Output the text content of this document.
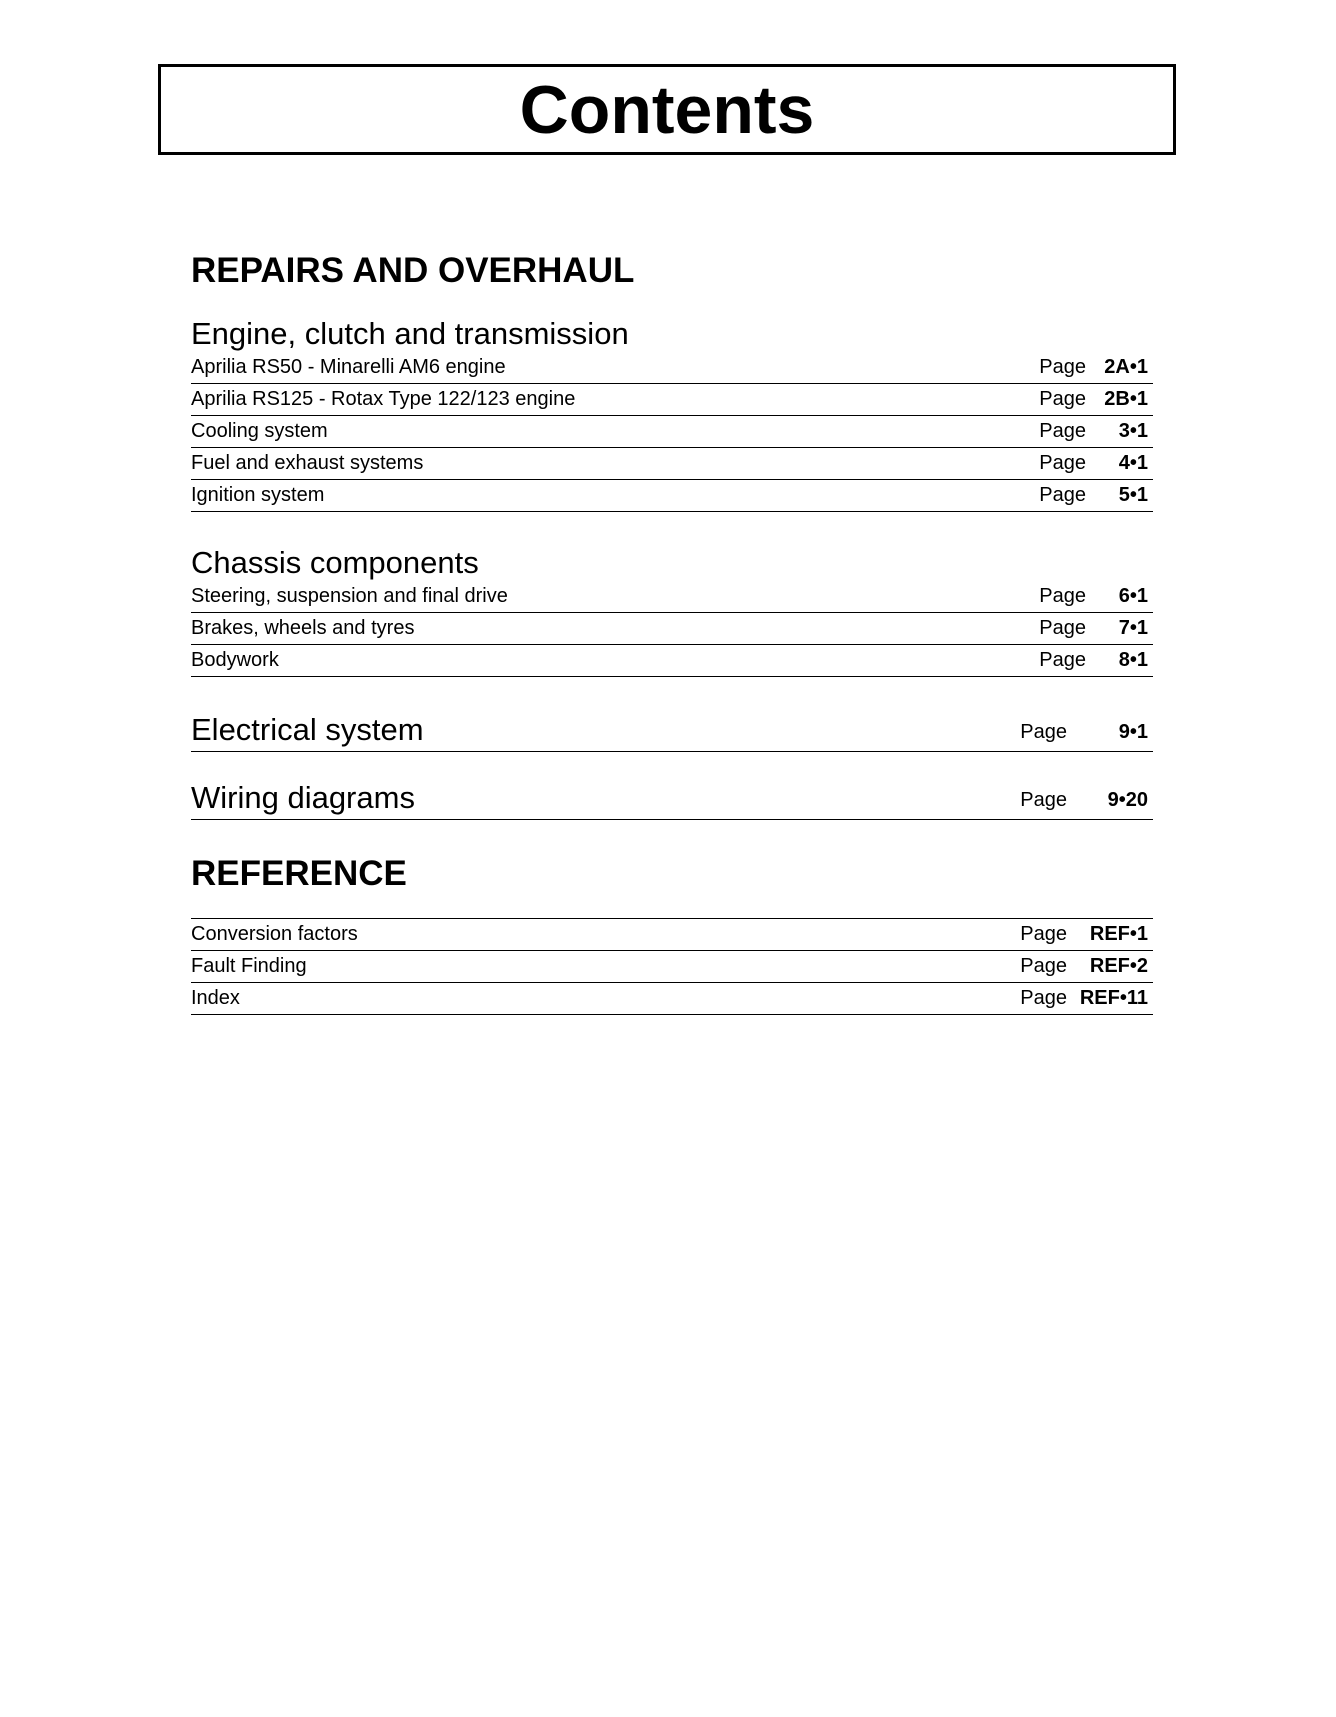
Contents
REPAIRS AND OVERHAUL
Engine, clutch and transmission
Aprilia RS50 - Minarelli AM6 engine	Page 2A•1
Aprilia RS125 - Rotax Type 122/123 engine	Page 2B•1
Cooling system	Page 3•1
Fuel and exhaust systems	Page 4•1
Ignition system	Page 5•1
Chassis components
Steering, suspension and final drive	Page 6•1
Brakes, wheels and tyres	Page 7•1
Bodywork	Page 8•1
Electrical system	Page	9•1
Wiring diagrams	Page 9•20
REFERENCE
Conversion factors	Page REF•1
Fault Finding	Page REF•2
Index	Page REF•11
